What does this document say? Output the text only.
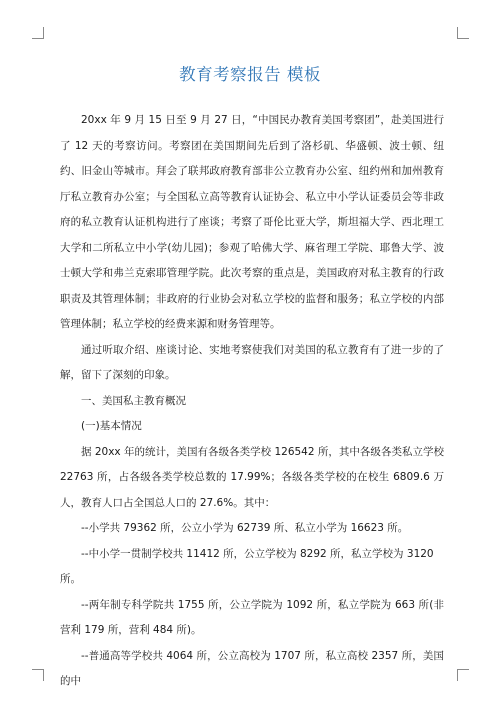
教育考察报告 模板

20xx 年 9 月 15 日至 9 月 27 日，“中国民办教育美国考察团”，赴美国进行了 12 天的考察访问。考察团在美国期间先后到了洛杉矶、华盛顿、波士顿、纽约、旧金山等城市。拜会了联邦政府教育部非公立教育办公室、纽约州和加州教育厅私立教育办公室；与全国私立高等教育认证协会、私立中小学认证委员会等非政府的私立教育认证机构进行了座谈；考察了哥伦比亚大学，斯坦福大学、西北理工大学和二所私立中小学(幼儿园)；参观了哈佛大学、麻省理工学院、耶鲁大学、波士顿大学和弗兰克索耶管理学院。此次考察的重点是，美国政府对私主教育的行政职责及其管理体制；非政府的行业协会对私立学校的监督和服务；私立学校的内部管理体制；私立学校的经费来源和财务管理等。

通过听取介绍、座谈讨论、实地考察使我们对美国的私立教育有了进一步的了解，留下了深刻的印象。

一、美国私主教育概况

(一)基本情况

据 20xx 年的统计，美国有各级各类学校 126542 所，其中各级各类私立学校 22763 所，占各级各类学校总数的 17.99%；各级各类学校的在校生 6809.6 万人，教育人口占全国总人口的 27.6%。其中：

--小学共 79362 所，公立小学为 62739 所、私立小学为 16623 所。

--中小学一贯制学校共 11412 所，公立学校为 8292 所，私立学校为 3120 所。

--两年制专科学院共 1755 所，公立学院为 1092 所，私立学院为 663 所(非营利 179 所，营利 484 所)。

--普通高等学校共 4064 所，公立高校为 1707 所，私立高校 2357 所，美国的中
